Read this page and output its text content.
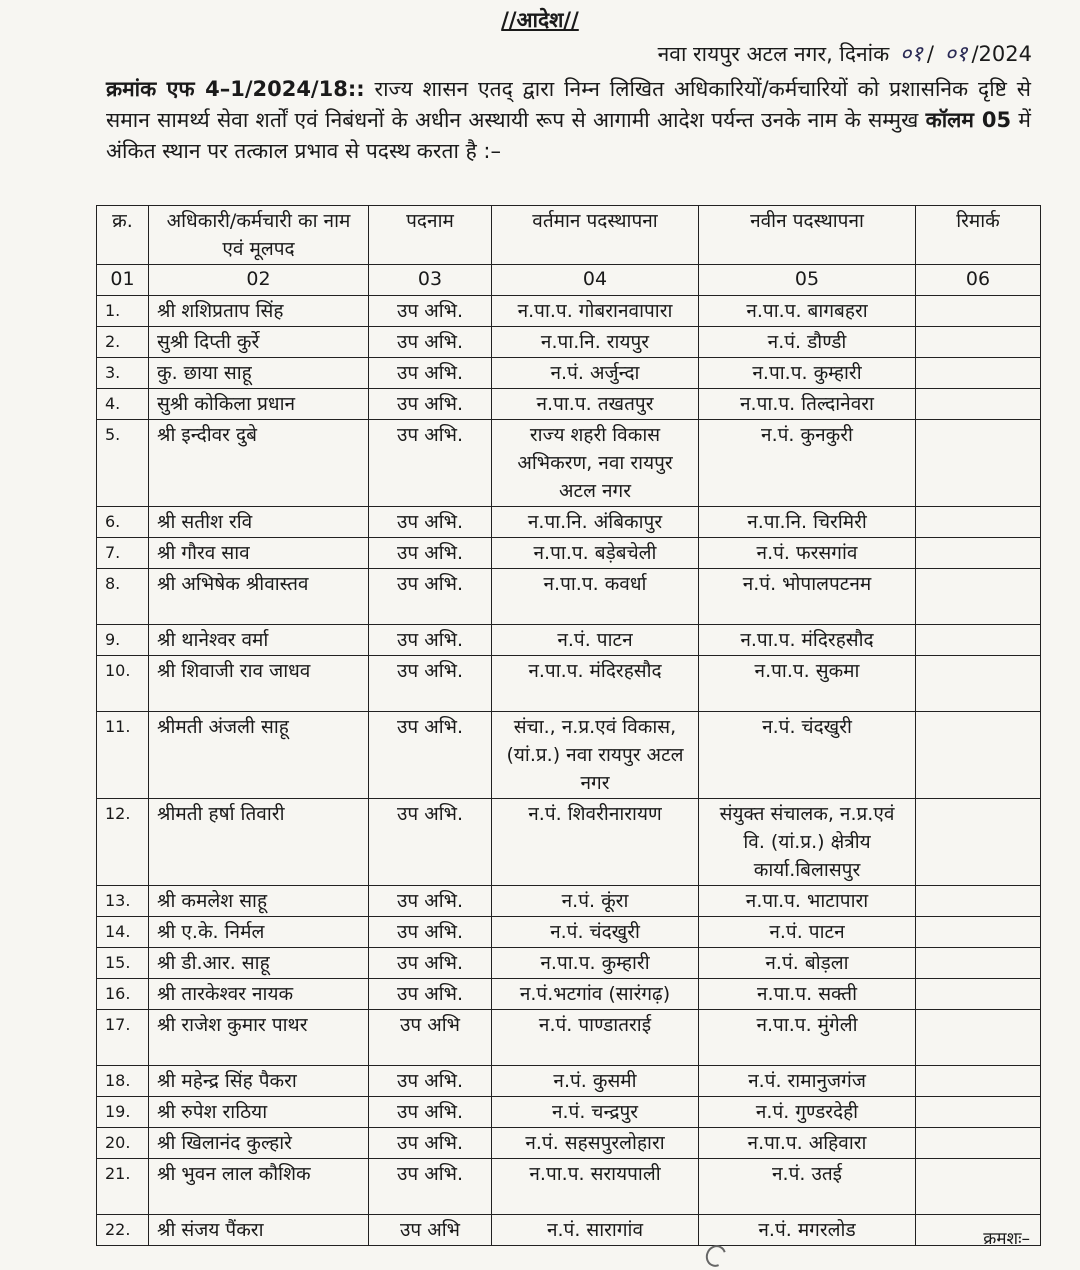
//आदेश//
नवा रायपुर अटल नगर, दिनांक ०१ / ०१ /2024
क्रमांक एफ 4–1/2024/18:: राज्य शासन एतद् द्वारा निम्न लिखित अधिकारियों/कर्मचारियों को प्रशासनिक दृष्टि से समान सामर्थ्य सेवा शर्तों एवं निबंधनों के अधीन अस्थायी रूप से आगामी आदेश पर्यन्त उनके नाम के सम्मुख कॉलम 05 में अंकित स्थान पर तत्काल प्रभाव से पदस्थ करता है :–
क्र.	अधिकारी/कर्मचारी का नाम एवं मूलपद	पदनाम	वर्तमान पदस्थापना	नवीन पदस्थापना	रिमार्क
01	02	03	04	05	06
1.	श्री शशिप्रताप सिंह	उप अभि.	न.पा.प. गोबरानवापारा	न.पा.प. बागबहरा	
2.	सुश्री दिप्ती कुर्रे	उप अभि.	न.पा.नि. रायपुर	न.पं. डौण्डी	
3.	कु. छाया साहू	उप अभि.	न.पं. अर्जुन्दा	न.पा.प. कुम्हारी	
4.	सुश्री कोकिला प्रधान	उप अभि.	न.पा.प. तखतपुर	न.पा.प. तिल्दानेवरा	
5.	श्री इन्दीवर दुबे	उप अभि.	राज्य शहरी विकास अभिकरण, नवा रायपुर अटल नगर	न.पं. कुनकुरी	
6.	श्री सतीश रवि	उप अभि.	न.पा.नि. अंबिकापुर	न.पा.नि. चिरमिरी	
7.	श्री गौरव साव	उप अभि.	न.पा.प. बड़ेबचेली	न.पं. फरसगांव	
8.	श्री अभिषेक श्रीवास्तव	उप अभि.	न.पा.प. कवर्धा	न.पं. भोपालपटनम	
9.	श्री थानेश्वर वर्मा	उप अभि.	न.पं. पाटन	न.पा.प. मंदिरहसौद	
10.	श्री शिवाजी राव जाधव	उप अभि.	न.पा.प. मंदिरहसौद	न.पा.प. सुकमा	
11.	श्रीमती अंजली साहू	उप अभि.	संचा., न.प्र.एवं विकास, (यां.प्र.) नवा रायपुर अटल नगर	न.पं. चंदखुरी	
12.	श्रीमती हर्षा तिवारी	उप अभि.	न.पं. शिवरीनारायण	संयुक्त संचालक, न.प्र.एवं वि. (यां.प्र.) क्षेत्रीय कार्या.बिलासपुर	
13.	श्री कमलेश साहू	उप अभि.	न.पं. कूंरा	न.पा.प. भाटापारा	
14.	श्री ए.के. निर्मल	उप अभि.	न.पं. चंदखुरी	न.पं. पाटन	
15.	श्री डी.आर. साहू	उप अभि.	न.पा.प. कुम्हारी	न.पं. बोड़ला	
16.	श्री तारकेश्वर नायक	उप अभि.	न.पं.भटगांव (सारंगढ़)	न.पा.प. सक्ती	
17.	श्री राजेश कुमार पाथर	उप अभि	न.पं. पाण्डातराई	न.पा.प. मुंगेली	
18.	श्री महेन्द्र सिंह पैकरा	उप अभि.	न.पं. कुसमी	न.पं. रामानुजगंज	
19.	श्री रुपेश राठिया	उप अभि.	न.पं. चन्द्रपुर	न.पं. गुण्डरदेही	
20.	श्री खिलानंद कुल्हारे	उप अभि.	न.पं. सहसपुरलोहारा	न.पा.प. अहिवारा	
21.	श्री भुवन लाल कौशिक	उप अभि.	न.पा.प. सरायपाली	न.पं. उतई	
22.	श्री संजय पैंकरा	उप अभि	न.पं. सारागांव	न.पं. मगरलोड		क्रमशः–
